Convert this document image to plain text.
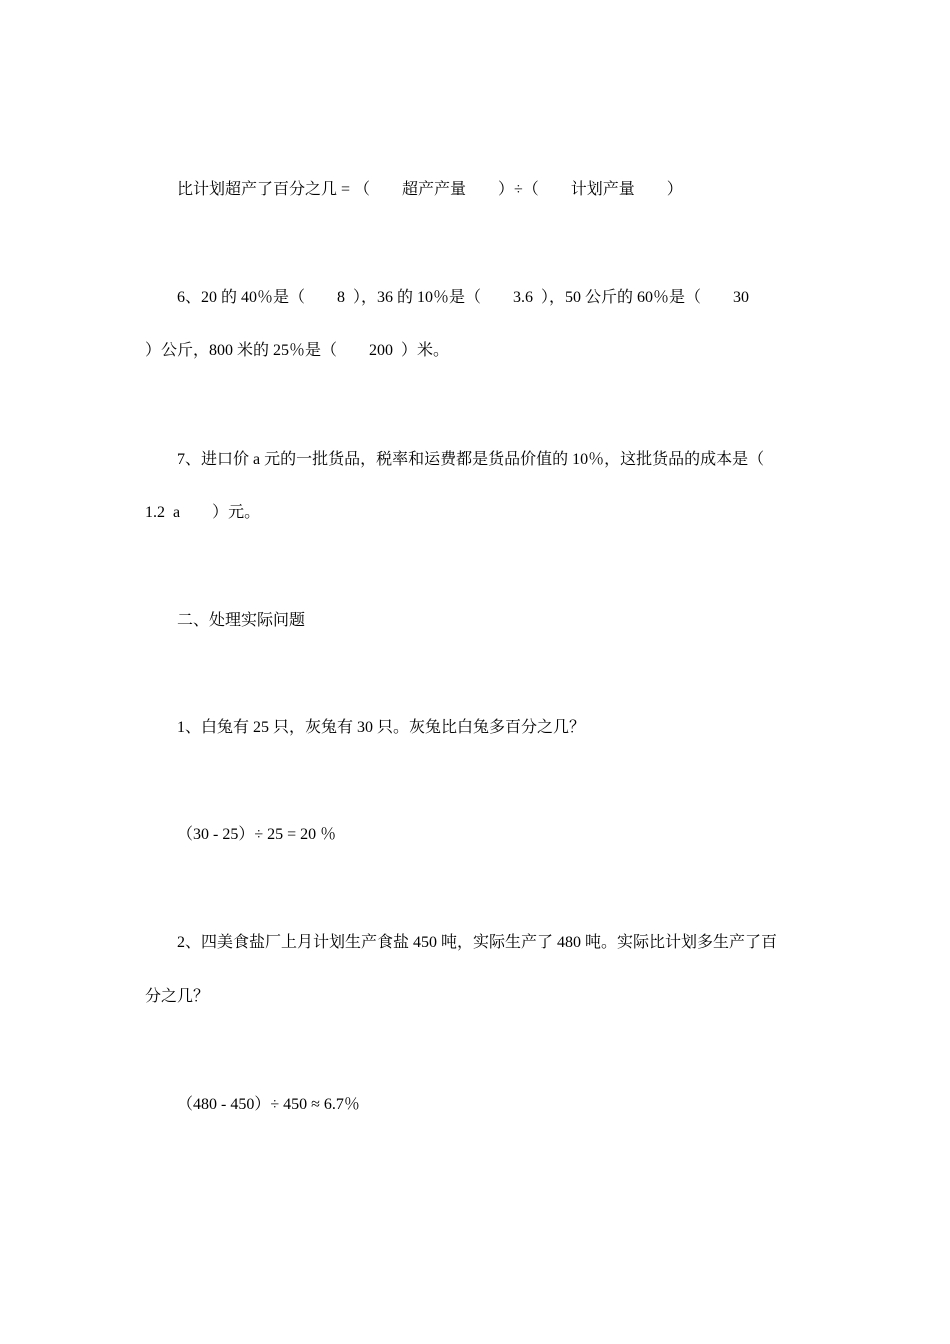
比计划超产了百分之几 = （        超产产量        ）÷（        计划产量        ）
6、20 的 40％是（        8  ），36 的 10％是（        3.6  ），50 公斤的 60％是（        30
）公斤，800 米的 25％是（        200  ）米。
7、进口价 a 元的一批货品，税率和运费都是货品价值的 10％，这批货品的成本是（
1.2  a        ）元。
二、处理实际问题
1、白兔有 25 只，灰兔有 30 只。灰兔比白兔多百分之几？
（30 - 25）÷ 25 = 20 ％
2、四美食盐厂上月计划生产食盐 450 吨，实际生产了 480 吨。实际比计划多生产了百
分之几？
（480 - 450）÷ 450 ≈ 6.7％
